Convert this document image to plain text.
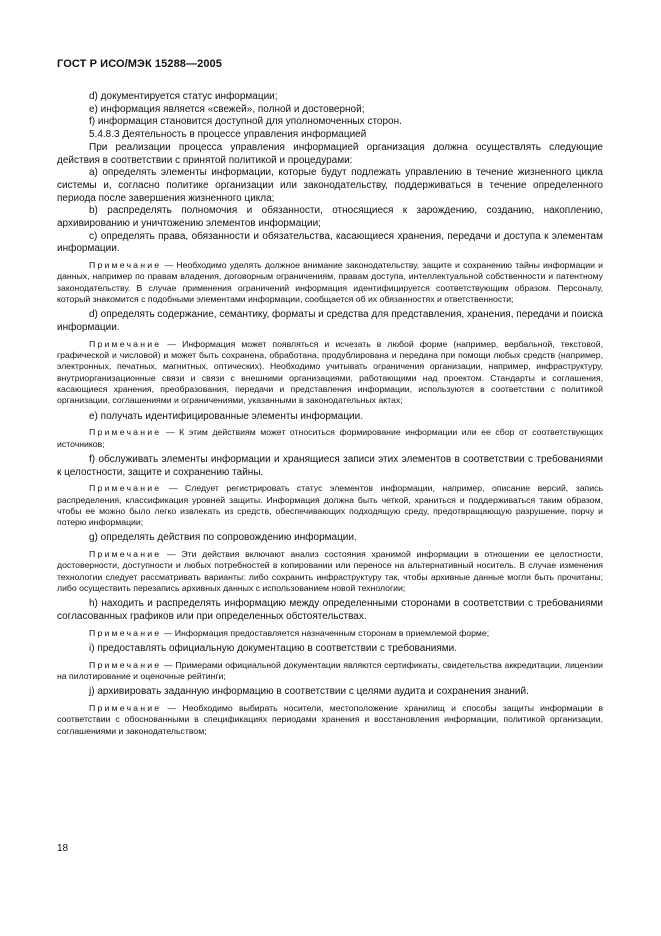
ГОСТ Р ИСО/МЭК 15288—2005

d) документируется статус информации;

e) информация является «свежей», полной и достоверной;

f) информация становится доступной для уполномоченных сторон.

5.4.8.3 Деятельность в процессе управления информацией

При реализации процесса управления информацией организация должна осуществлять следующие действия в соответствии с принятой политикой и процедурами:

a) определять элементы информации, которые будут подлежать управлению в течение жизненного цикла системы и, согласно политике организации или законодательству, поддерживаться в течение определенного периода после завершения жизненного цикла;

b) распределять полномочия и обязанности, относящиеся к зарождению, созданию, накоплению, архивированию и уничтожению элементов информации;

c) определять права, обязанности и обязательства, касающиеся хранения, передачи и доступа к элементам информации.

Примечание — Необходимо уделять должное внимание законодательству, защите и сохранению тайны информации и данных, например по правам владения, договорным ограничениям, правам доступа, интеллектуальной собственности и патентному законодательству. В случае применения ограничений информация идентифицируется соответствующим образом. Персоналу, который знакомится с подобными элементами информации, сообщается об их обязанностях и ответственности;

d) определять содержание, семантику, форматы и средства для представления, хранения, передачи и поиска информации.

Примечание — Информация может появляться и исчезать в любой форме (например, вербальной, текстовой, графической и числовой) и может быть сохранена, обработана, продублирована и передана при помощи любых средств (например, электронных, печатных, магнитных, оптических). Необходимо учитывать ограничения организации, например, инфраструктуру, внутриорганизационные связи и связи с внешними организациями, работающими над проектом. Стандарты и соглашения, касающиеся хранения, преобразования, передачи и представления информации, используются в соответствии с политикой организации, соглашениями и ограничениями, указанными в законодательных актах;

e) получать идентифицированные элементы информации.

Примечание — К этим действиям может относиться формирование информации или ее сбор от соответствующих источников;

f) обслуживать элементы информации и хранящиеся записи этих элементов в соответствии с требованиями к целостности, защите и сохранению тайны.

Примечание — Следует регистрировать статус элементов информации, например, описание версий, запись распределения, классификация уровней защиты. Информация должна быть четкой, храниться и поддерживаться таким образом, чтобы ее можно было легко извлекать из средств, обеспечивающих подходящую среду, предотвращающую разрушение, порчу и потерю информации;

g) определять действия по сопровождению информации.

Примечание — Эти действия включают анализ состояния хранимой информации в отношении ее целостности, достоверности, доступности и любых потребностей в копировании или переносе на альтернативный носитель. В случае изменения технологии следует рассматривать варианты: либо сохранить инфраструктуру так, чтобы архивные данные могли быть прочитаны; либо осуществить перезапись архивных данных с использованием новой технологии;

h) находить и распределять информацию между определенными сторонами в соответствии с требованиями согласованных графиков или при определенных обстоятельствах.

Примечание — Информация предоставляется назначенным сторонам в приемлемой форме;

i) предоставлять официальную документацию в соответствии с требованиями.

Примечание — Примерами официальной документации являются сертификаты, свидетельства аккредитации, лицензии на пилотирование и оценочные рейтинги;

j) архивировать заданную информацию в соответствии с целями аудита и сохранения знаний.

Примечание — Необходимо выбирать носители, местоположение хранилищ и способы защиты информации в соответствии с обоснованными в спецификациях периодами хранения и восстановления информации, политикой организации, соглашениями и законодательством;

18
